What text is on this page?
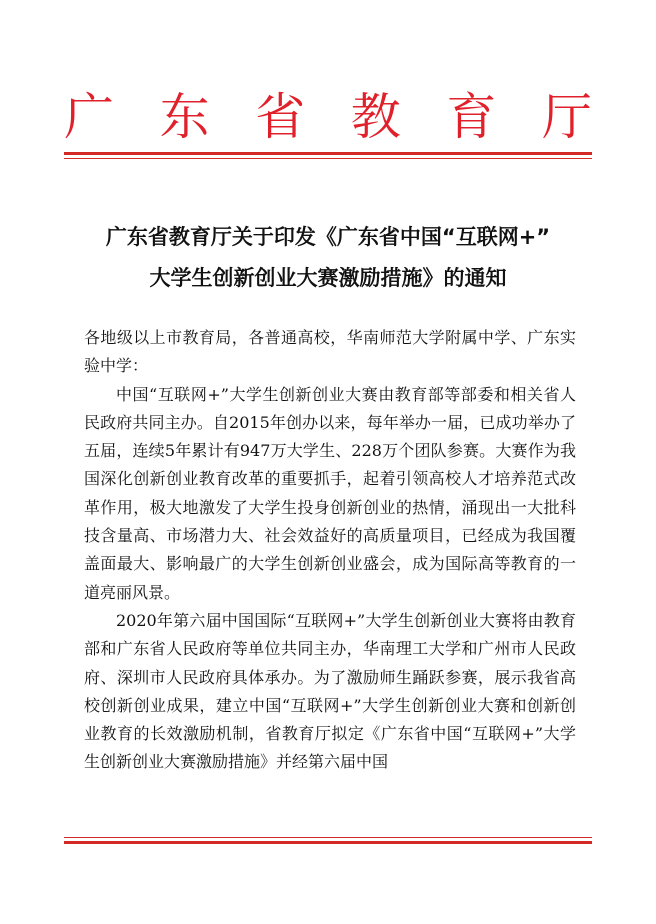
广 东 省 教 育 厅
广东省教育厅关于印发《广东省中国“互联网+”
大学生创新创业大赛激励措施》的通知

各地级以上市教育局，各普通高校，华南师范大学附属中学、广东实验中学：

中国“互联网+”大学生创新创业大赛由教育部等部委和相关省人民政府共同主办。自2015年创办以来，每年举办一届，已成功举办了五届，连续5年累计有947万大学生、228万个团队参赛。大赛作为我国深化创新创业教育改革的重要抓手，起着引领高校人才培养范式改革作用，极大地激发了大学生投身创新创业的热情，涌现出一大批科技含量高、市场潜力大、社会效益好的高质量项目，已经成为我国覆盖面最大、影响最广的大学生创新创业盛会，成为国际高等教育的一道亮丽风景。

2020年第六届中国国际“互联网+”大学生创新创业大赛将由教育部和广东省人民政府等单位共同主办，华南理工大学和广州市人民政府、深圳市人民政府具体承办。为了激励师生踊跃参赛，展示我省高校创新创业成果，建立中国“互联网+”大学生创新创业大赛和创新创业教育的长效激励机制，省教育厅拟定《广东省中国“互联网+”大学生创新创业大赛激励措施》并经第六届中国
